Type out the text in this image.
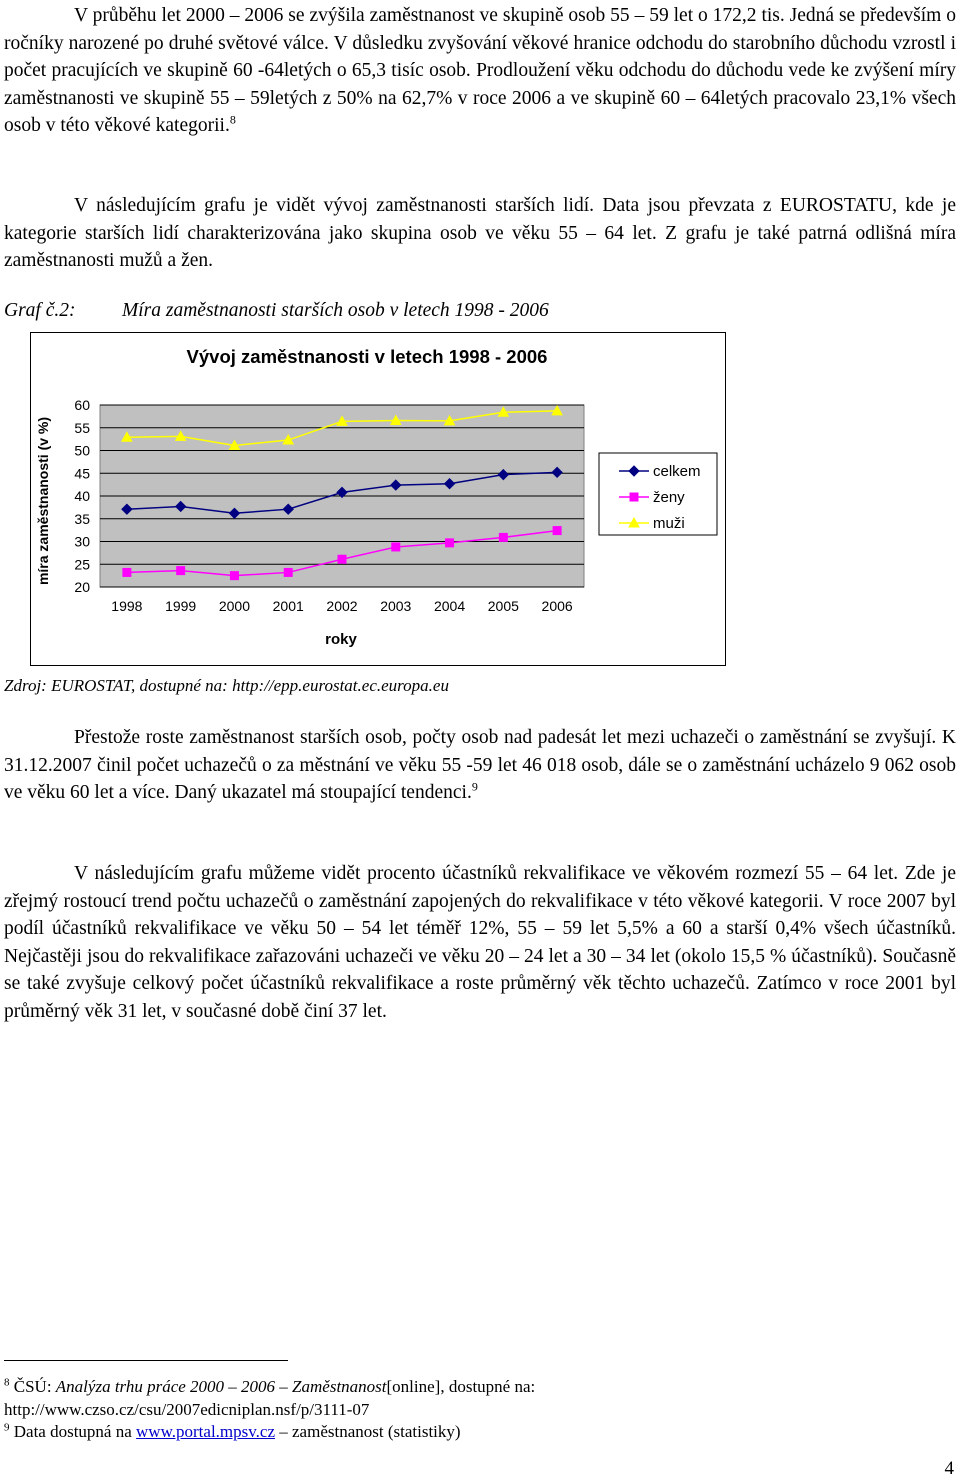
V průběhu let 2000 – 2006 se zvýšila zaměstnanost ve skupině osob 55 – 59 let o 172,2 tis. Jedná se především o ročníky narozené po druhé světové válce. V důsledku zvyšování věkové hranice odchodu do starobního důchodu vzrostl i počet pracujících ve skupině 60 -64letých o 65,3 tisíc osob. Prodloužení věku odchodu do důchodu vede ke zvýšení míry zaměstnanosti ve skupině 55 – 59letých z 50% na 62,7% v roce 2006 a ve skupině 60 – 64letých pracovalo 23,1% všech osob v této věkové kategorii.$^8$

V následujícím grafu je vidět vývoj zaměstnanosti starších lidí. Data jsou převzata z EUROSTATU, kde je kategorie starších lidí charakterizována jako skupina osob ve věku 55 – 64 let. Z grafu je také patrná odlišná míra zaměstnanosti mužů a žen.

Graf č.2: Míra zaměstnanosti starších osob v letech 1998 - 2006
Vývoj zaměstnanosti v letech 1998 - 2006
20
25
30
35
40
45
50
55
60
1998 1999 2000 2001 2002 2003 2004 2005 2006
míra zaměstnanosti (v %)
roky
celkem
ženy
muži
Zdroj: EUROSTAT, dostupné na: http://epp.eurostat.ec.europa.eu

Přestože roste zaměstnanost starších osob, počty osob nad padesát let mezi uchazeči o zaměstnání se zvyšují. K 31.12.2007 činil počet uchazečů o za městnání ve věku 55 -59 let 46 018 osob, dále se o zaměstnání ucházelo 9 062 osob ve věku 60 let a více. Daný ukazatel má stoupající tendenci.$^9$

V následujícím grafu můžeme vidět procento účastníků rekvalifikace ve věkovém rozmezí 55 – 64 let. Zde je zřejmý rostoucí trend počtu uchazečů o zaměstnání zapojených do rekvalifikace v této věkové kategorii. V roce 2007 byl podíl účastníků rekvalifikace ve věku 50 – 54 let téměř 12%, 55 – 59 let 5,5% a 60 a starší 0,4% všech účastníků. Nejčastěji jsou do rekvalifikace zařazováni uchazeči ve věku 20 – 24 let a 30 – 34 let (okolo 15,5 % účastníků). Současně se také zvyšuje celkový počet účastníků rekvalifikace a roste průměrný věk těchto uchazečů. Zatímco v roce 2001 byl průměrný věk 31 let, v současné době činí 37 let.

$^8$ ČSÚ: Analýza trhu práce 2000 – 2006 – Zaměstnanost[online], dostupné na:
http://www.czso.cz/csu/2007edicniplan.nsf/p/3111-07
$^9$ Data dostupná na www.portal.mpsv.cz – zaměstnanost (statistiky)
4
